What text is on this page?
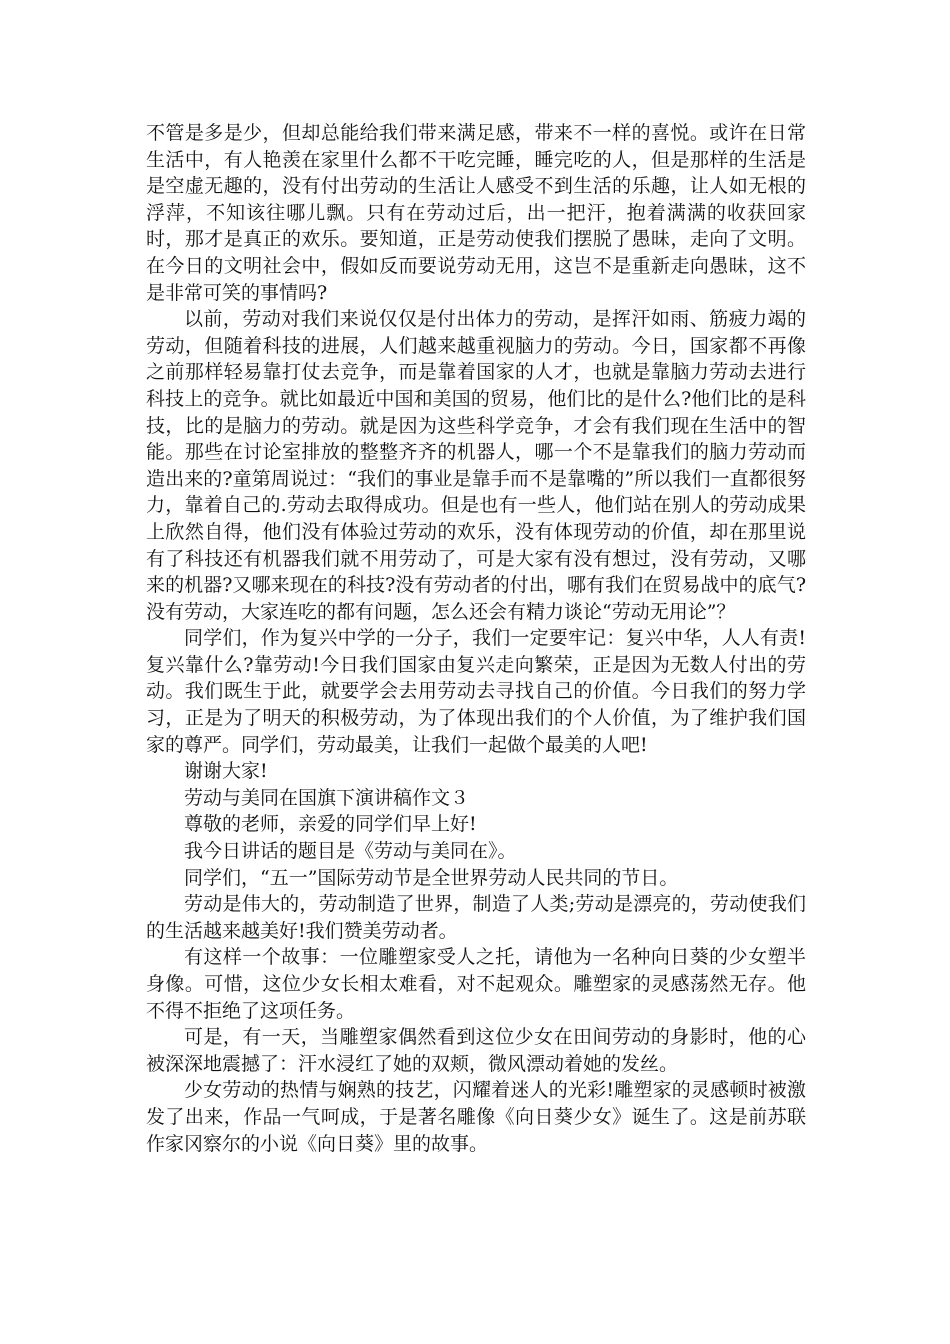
不管是多是少，但却总能给我们带来满足感，带来不一样的喜悦。或许在日常生活中，有人艳羡在家里什么都不干吃完睡，睡完吃的人，但是那样的生活是是空虚无趣的，没有付出劳动的生活让人感受不到生活的乐趣，让人如无根的浮萍，不知该往哪儿飘。只有在劳动过后，出一把汗，抱着满满的收获回家时，那才是真正的欢乐。要知道，正是劳动使我们摆脱了愚昧，走向了文明。在今日的文明社会中，假如反而要说劳动无用，这岂不是重新走向愚昧，这不是非常可笑的事情吗?

以前，劳动对我们来说仅仅是付出体力的劳动，是挥汗如雨、筋疲力竭的劳动，但随着科技的进展，人们越来越重视脑力的劳动。今日，国家都不再像之前那样轻易靠打仗去竞争，而是靠着国家的人才，也就是靠脑力劳动去进行科技上的竞争。就比如最近中国和美国的贸易，他们比的是什么?他们比的是科技，比的是脑力的劳动。就是因为这些科学竞争，才会有我们现在生活中的智能。那些在讨论室排放的整整齐齐的机器人，哪一个不是靠我们的脑力劳动而造出来的?童第周说过：“我们的事业是靠手而不是靠嘴的”所以我们一直都很努力，靠着自己的.劳动去取得成功。但是也有一些人，他们站在别人的劳动成果上欣然自得，他们没有体验过劳动的欢乐，没有体现劳动的价值，却在那里说有了科技还有机器我们就不用劳动了，可是大家有没有想过，没有劳动，又哪来的机器?又哪来现在的科技?没有劳动者的付出，哪有我们在贸易战中的底气?没有劳动，大家连吃的都有问题，怎么还会有精力谈论“劳动无用论”？

同学们，作为复兴中学的一分子，我们一定要牢记：复兴中华，人人有责!复兴靠什么?靠劳动!今日我们国家由复兴走向繁荣，正是因为无数人付出的劳动。我们既生于此，就要学会去用劳动去寻找自己的价值。今日我们的努力学习，正是为了明天的积极劳动，为了体现出我们的个人价值，为了维护我们国家的尊严。同学们，劳动最美，让我们一起做个最美的人吧!

谢谢大家!

劳动与美同在国旗下演讲稿作文３

尊敬的老师，亲爱的同学们早上好!

我今日讲话的题目是《劳动与美同在》。

同学们，“五一”国际劳动节是全世界劳动人民共同的节日。

劳动是伟大的，劳动制造了世界，制造了人类;劳动是漂亮的，劳动使我们的生活越来越美好!我们赞美劳动者。

有这样一个故事：一位雕塑家受人之托，请他为一名种向日葵的少女塑半身像。可惜，这位少女长相太难看，对不起观众。雕塑家的灵感荡然无存。他不得不拒绝了这项任务。

可是，有一天，当雕塑家偶然看到这位少女在田间劳动的身影时，他的心被深深地震撼了：汗水浸红了她的双颊，微风漂动着她的发丝。

少女劳动的热情与娴熟的技艺，闪耀着迷人的光彩!雕塑家的灵感顿时被激发了出来，作品一气呵成，于是著名雕像《向日葵少女》诞生了。这是前苏联作家冈察尔的小说《向日葵》里的故事。
